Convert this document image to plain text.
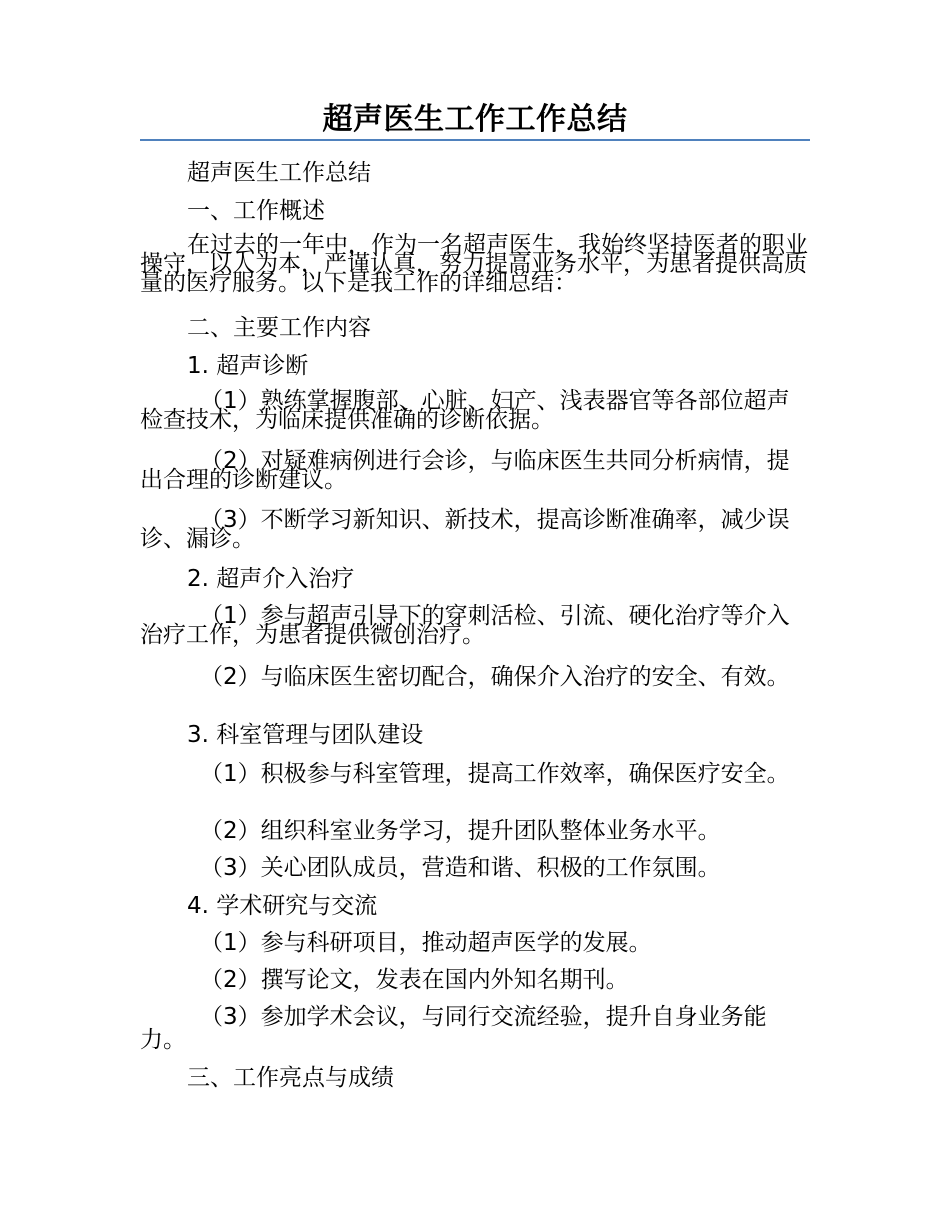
超声医生工作工作总结
超声医生工作总结
一、工作概述
在过去的一年中，作为一名超声医生，我始终坚持医者的职业操守，以人为本，严谨认真，努力提高业务水平，为患者提供高质量的医疗服务。以下是我工作的详细总结：
二、主要工作内容
1. 超声诊断
（1）熟练掌握腹部、心脏、妇产、浅表器官等各部位超声检查技术，为临床提供准确的诊断依据。
（2）对疑难病例进行会诊，与临床医生共同分析病情，提出合理的诊断建议。
（3）不断学习新知识、新技术，提高诊断准确率，减少误诊、漏诊。
2. 超声介入治疗
（1）参与超声引导下的穿刺活检、引流、硬化治疗等介入治疗工作，为患者提供微创治疗。
（2）与临床医生密切配合，确保介入治疗的安全、有效。
3. 科室管理与团队建设
（1）积极参与科室管理，提高工作效率，确保医疗安全。
（2）组织科室业务学习，提升团队整体业务水平。
（3）关心团队成员，营造和谐、积极的工作氛围。
4. 学术研究与交流
（1）参与科研项目，推动超声医学的发展。
（2）撰写论文，发表在国内外知名期刊。
（3）参加学术会议，与同行交流经验，提升自身业务能力。
三、工作亮点与成绩
